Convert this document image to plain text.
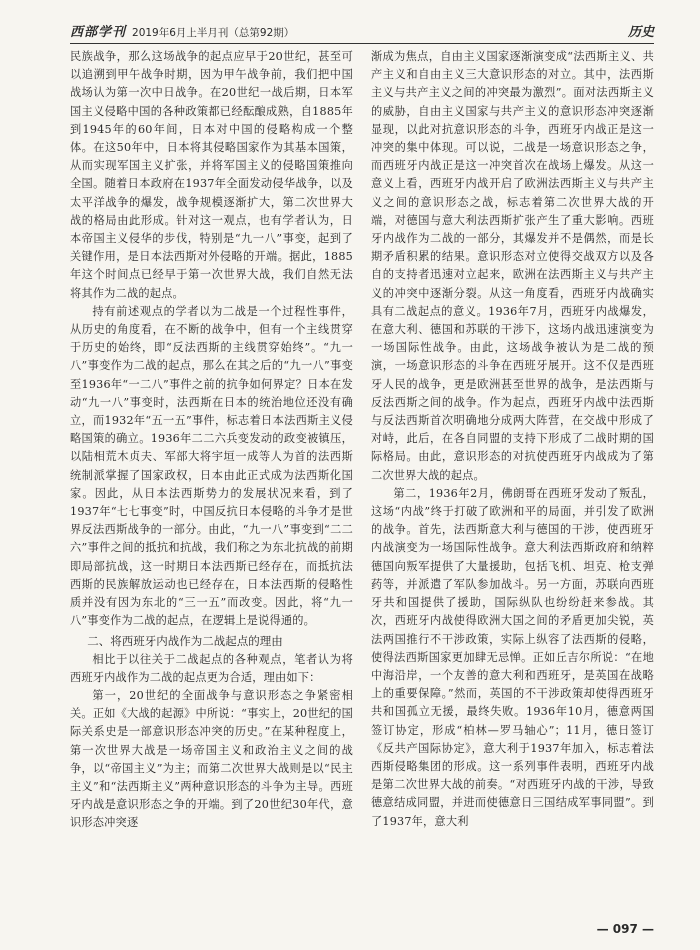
西部学刊 2019年6月上半月刊（总第92期）	历史

民族战争，那么这场战争的起点应早于20世纪，甚至可以追溯到甲午战争时期，因为甲午战争前，我们把中国战场认为第一次中日战争。在20世纪一战后期，日本军国主义侵略中国的各种政策都已经酝酿成熟，自1885年到1945年的60年间，日本对中国的侵略构成一个整体。在这50年中，日本将其侵略国家作为其基本国策，从而实现军国主义扩张，并将军国主义的侵略国策推向全国。随着日本政府在1937年全面发动侵华战争，以及太平洋战争的爆发，战争规模逐渐扩大，第二次世界大战的格局由此形成。针对这一观点，也有学者认为，日本帝国主义侵华的步伐，特别是“九一八”事变，起到了关键作用，是日本法西斯对外侵略的开端。据此，1885年这个时间点已经早于第一次世界大战，我们自然无法将其作为二战的起点。

持有前述观点的学者以为二战是一个过程性事件，从历史的角度看，在不断的战争中，但有一个主线贯穿于历史的始终，即“反法西斯的主线贯穿始终”。“九一八”事变作为二战的起点，那么在其之后的“九一八”事变至1936年“一二八”事件之前的抗争如何界定？日本在发动“九一八”事变时，法西斯在日本的统治地位还没有确立，而1932年“五一五”事件，标志着日本法西斯主义侵略国策的确立。1936年二二六兵变发动的政变被镇压，以陆相荒木贞夫、军部大将宇垣一成等人为首的法西斯统制派掌握了国家政权，日本由此正式成为法西斯化国家。因此，从日本法西斯势力的发展状况来看，到了1937年“七七事变”时，中国反抗日本侵略的斗争才是世界反法西斯战争的一部分。由此，“九一八”事变到“二二六”事件之间的抵抗和抗战，我们称之为东北抗战的前期即局部抗战，这一时期日本法西斯已经存在，而抵抗法西斯的民族解放运动也已经存在，日本法西斯的侵略性质并没有因为东北的“三一五”而改变。因此，将“九一八”事变作为二战的起点，在逻辑上是说得通的。

二、将西班牙内战作为二战起点的理由

相比于以往关于二战起点的各种观点，笔者认为将西班牙内战作为二战的起点更为合适，理由如下：

第一，20世纪的全面战争与意识形态之争紧密相关。正如《大战的起源》中所说：“事实上，20世纪的国际关系史是一部意识形态冲突的历史。”在某种程度上，第一次世界大战是一场帝国主义和政治主义之间的战争，以“帝国主义”为主；而第二次世界大战则是以“民主主义”和“法西斯主义”两种意识形态的斗争为主导。西班牙内战是意识形态之争的开端。到了20世纪30年代，意识形态冲突逐

渐成为焦点，自由主义国家逐渐演变成“法西斯主义、共产主义和自由主义三大意识形态的对立。其中，法西斯主义与共产主义之间的冲突最为激烈”。面对法西斯主义的威胁，自由主义国家与共产主义的意识形态冲突逐渐显现，以此对抗意识形态的斗争，西班牙内战正是这一冲突的集中体现。可以说，二战是一场意识形态之争，而西班牙内战正是这一冲突首次在战场上爆发。从这一意义上看，西班牙内战开启了欧洲法西斯主义与共产主义之间的意识形态之战，标志着第二次世界大战的开端，对德国与意大利法西斯扩张产生了重大影响。西班牙内战作为二战的一部分，其爆发并不是偶然，而是长期矛盾积累的结果。意识形态对立使得交战双方以及各自的支持者迅速对立起来，欧洲在法西斯主义与共产主义的冲突中逐渐分裂。从这一角度看，西班牙内战确实具有二战起点的意义。1936年7月，西班牙内战爆发，在意大利、德国和苏联的干涉下，这场内战迅速演变为一场国际性战争。由此，这场战争被认为是二战的预演，一场意识形态的斗争在西班牙展开。这不仅是西班牙人民的战争，更是欧洲甚至世界的战争，是法西斯与反法西斯之间的战争。作为起点，西班牙内战中法西斯与反法西斯首次明确地分成两大阵营，在交战中形成了对峙，此后，在各自同盟的支持下形成了二战时期的国际格局。由此，意识形态的对抗使西班牙内战成为了第二次世界大战的起点。

第二，1936年2月，佛朗哥在西班牙发动了叛乱，这场“内战”终于打破了欧洲和平的局面，并引发了欧洲的战争。首先，法西斯意大利与德国的干涉，使西班牙内战演变为一场国际性战争。意大利法西斯政府和纳粹德国向叛军提供了大量援助，包括飞机、坦克、枪支弹药等，并派遣了军队参加战斗。另一方面，苏联向西班牙共和国提供了援助，国际纵队也纷纷赶来参战。其次，西班牙内战使得欧洲大国之间的矛盾更加尖锐，英法两国推行不干涉政策，实际上纵容了法西斯的侵略，使得法西斯国家更加肆无忌惮。正如丘吉尔所说：“在地中海沿岸，一个友善的意大利和西班牙，是英国在战略上的重要保障。”然而，英国的不干涉政策却使得西班牙共和国孤立无援，最终失败。1936年10月，德意两国签订协定，形成“柏林—罗马轴心”；11月，德日签订《反共产国际协定》，意大利于1937年加入，标志着法西斯侵略集团的形成。这一系列事件表明，西班牙内战是第二次世界大战的前奏。“对西班牙内战的干涉，导致德意结成同盟，并进而使德意日三国结成军事同盟”。到了1937年，意大利

— 097 —
